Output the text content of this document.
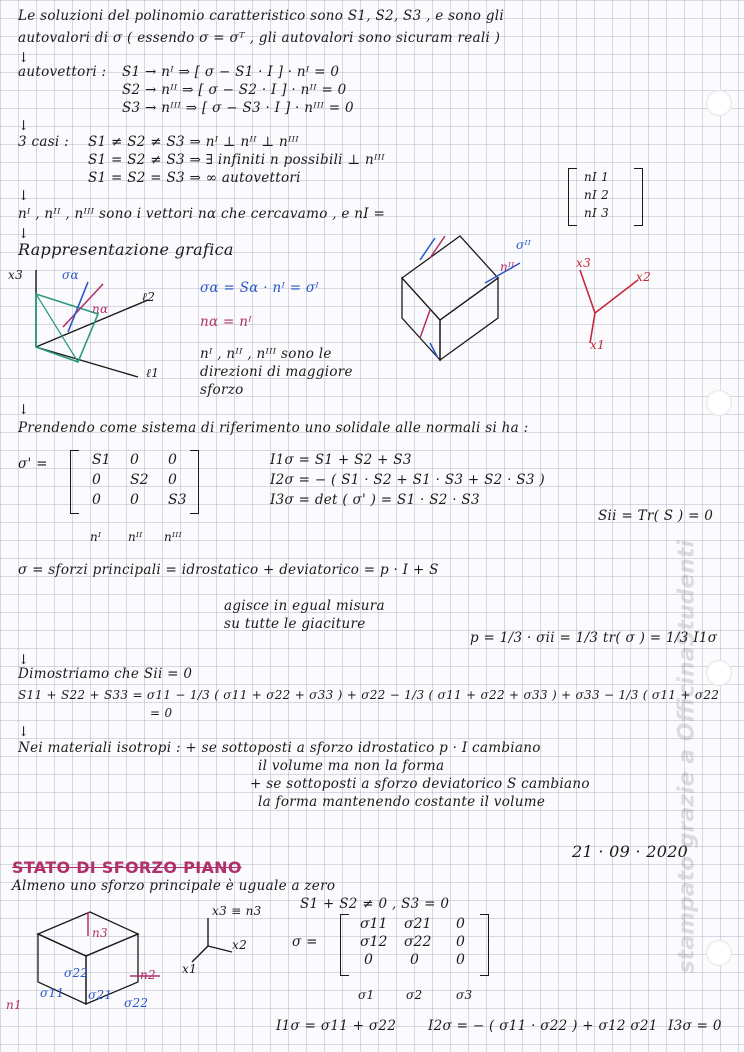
stampato grazie a OfficinaStudenti
Le soluzioni del polinomio caratteristico sono S1, S2, S3 , e sono gli
autovalori di σ ( essendo σ = σᵀ , gli autovalori sono sicuram reali )
↓
autovettori : S1 → nᴵ ⇒ [ σ − S1 · I ] · nᴵ = 0
S2 → nᴵᴵ ⇒ [ σ − S2 · I ] · nᴵᴵ = 0
S3 → nᴵᴵᴵ ⇒ [ σ − S3 · I ] · nᴵᴵᴵ = 0
↓
3 casi : S1 ≠ S2 ≠ S3 ⇒ nᴵ ⊥ nᴵᴵ ⊥ nᴵᴵᴵ
S1 = S2 ≠ S3 ⇒ ∃ infiniti n possibili ⊥ nᴵᴵᴵ
S1 = S2 = S3 ⇒ ∞ autovettori
↓
nᴵ , nᴵᴵ , nᴵᴵᴵ sono i vettori nα che cercavamo , e nI =
nI 1
nI 2
nI 3
↓
Rappresentazione grafica
x3	σα
nα
ℓ2
ℓ1
σα = Sα · nᴵ = σᴵ
nα = nᴵ
nᴵ , nᴵᴵ , nᴵᴵᴵ sono le
direzioni di maggiore
sforzo
σᴵᴵ
nᴵᴵ	x3
x2
x1
↓
Prendendo come sistema di riferimento uno solidale alle normali si ha :
σ' =	S1 0 0
0 S2 0
0 0 S3
nᴵ nᴵᴵ nᴵᴵᴵ
I1σ = S1 + S2 + S3
I2σ = − ( S1 · S2 + S1 · S3 + S2 · S3 )
I3σ = det ( σ' ) = S1 · S2 · S3
Sii = Tr( S ) = 0
σ = sforzi principali = idrostatico + deviatorico = p · I + S
agisce in egual misura
su tutte le giaciture
p = 1/3 · σii = 1/3 tr( σ ) = 1/3 I1σ
↓
Dimostriamo che Sii = 0
S11 + S22 + S33 = σ11 − 1/3 ( σ11 + σ22 + σ33 ) + σ22 − 1/3 ( σ11 + σ22 + σ33 ) + σ33 − 1/3 ( σ11 + σ22
= 0
↓
Nei materiali isotropi : + se sottoposti a sforzo idrostatico p · I cambiano
il volume ma non la forma
+ se sottoposti a sforzo deviatorico S cambiano
la forma mantenendo costante il volume
21 · 09 · 2020
STATO DI SFORZO PIANO
Almeno uno sforzo principale è uguale a zero
n3
n2
n1
σ22
σ11 σ21
σ22
x3 ≡ n3
x2
x1
S1 + S2 ≠ 0 , S3 = 0
σ =
σ11 σ21 0
σ12 σ22 0
0	0	0
σ1	σ2	σ3
I1σ = σ11 + σ22 I2σ = − ( σ11 · σ22 ) + σ12 σ21 I3σ = 0
